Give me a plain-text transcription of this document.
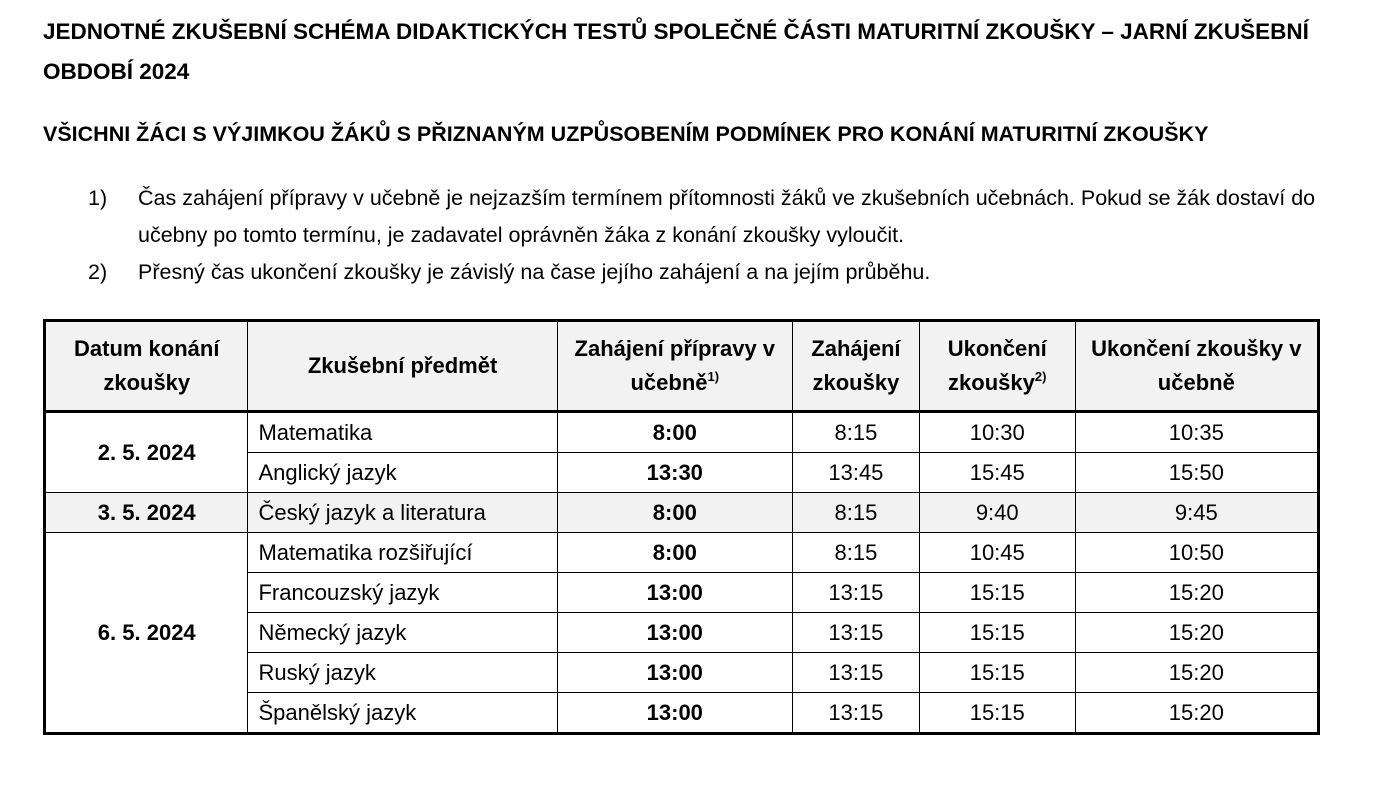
JEDNOTNÉ ZKUŠEBNÍ SCHÉMA DIDAKTICKÝCH TESTŮ SPOLEČNÉ ČÁSTI MATURITNÍ ZKOUŠKY – JARNÍ ZKUŠEBNÍ OBDOBÍ 2024
VŠICHNI ŽÁCI S VÝJIMKOU ŽÁKŮ S PŘIZNANÝM UZPŮSOBENÍM PODMÍNEK PRO KONÁNÍ MATURITNÍ ZKOUŠKY
1)	Čas zahájení přípravy v učebně je nejzazším termínem přítomnosti žáků ve zkušebních učebnách. Pokud se žák dostaví do učebny po tomto termínu, je zadavatel oprávněn žáka z konání zkoušky vyloučit.
2)	Přesný čas ukončení zkoušky je závislý na čase jejího zahájení a na jejím průběhu.
Datum konání zkoušky	Zkušební předmět	Zahájení přípravy v učebně$^{1)}$	Zahájení zkoušky	Ukončení zkoušky$^{2)}$	Ukončení zkoušky v učebně
2. 5. 2024	Matematika	8:00	8:15	10:30	10:35
	Anglický jazyk	13:30	13:45	15:45	15:50
3. 5. 2024	Český jazyk a literatura	8:00	8:15	9:40	9:45
6. 5. 2024	Matematika rozšiřující	8:00	8:15	10:45	10:50
	Francouzský jazyk	13:00	13:15	15:15	15:20
	Německý jazyk	13:00	13:15	15:15	15:20
	Ruský jazyk	13:00	13:15	15:15	15:20
	Španělský jazyk	13:00	13:15	15:15	15:20
